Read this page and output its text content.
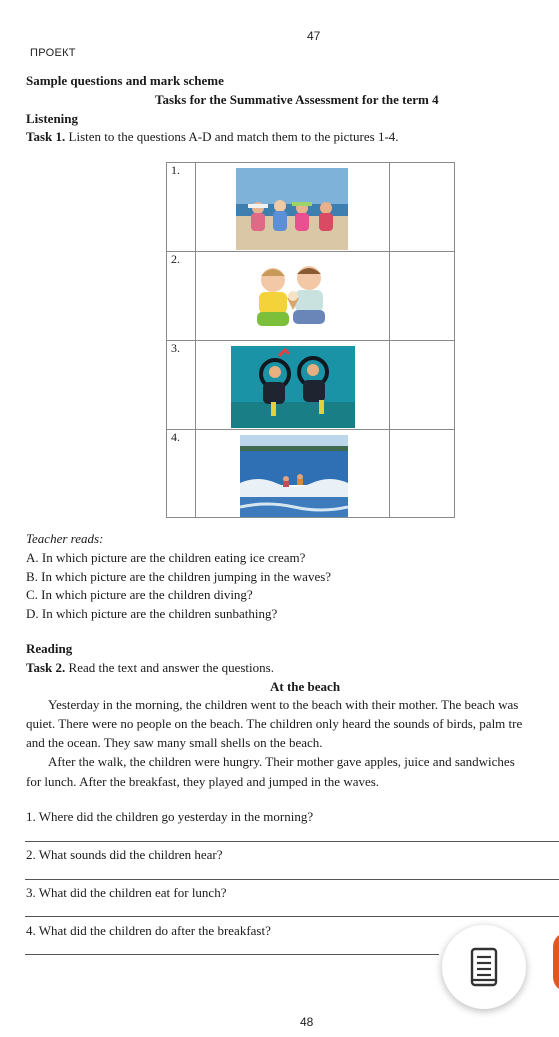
47
ПРОЕКТ
Sample questions and mark scheme
Tasks for the Summative Assessment for the term 4
Listening
Task 1. Listen to the questions A-D and match them to the pictures 1-4.
1.
2.
3.
4.
Teacher reads:
A. In which picture are the children eating ice cream?
B. In which picture are the children jumping in the waves?
C. In which picture are the children diving?
D. In which picture are the children sunbathing?
Reading
Task 2. Read the text and answer the questions.
At the beach
Yesterday in the morning, the children went to the beach with their mother. The beach was
quiet. There were no people on the beach. The children only heard the sounds of birds, palm tre
and the ocean. They saw many small shells on the beach.
After the walk, the children were hungry. Their mother gave apples, juice and sandwiches
for lunch. After the breakfast, they played and jumped in the waves.
1. Where did the children go yesterday in the morning?
2. What sounds did the children hear?
3. What did the children eat for lunch?
4. What did the children do after the breakfast?
48
